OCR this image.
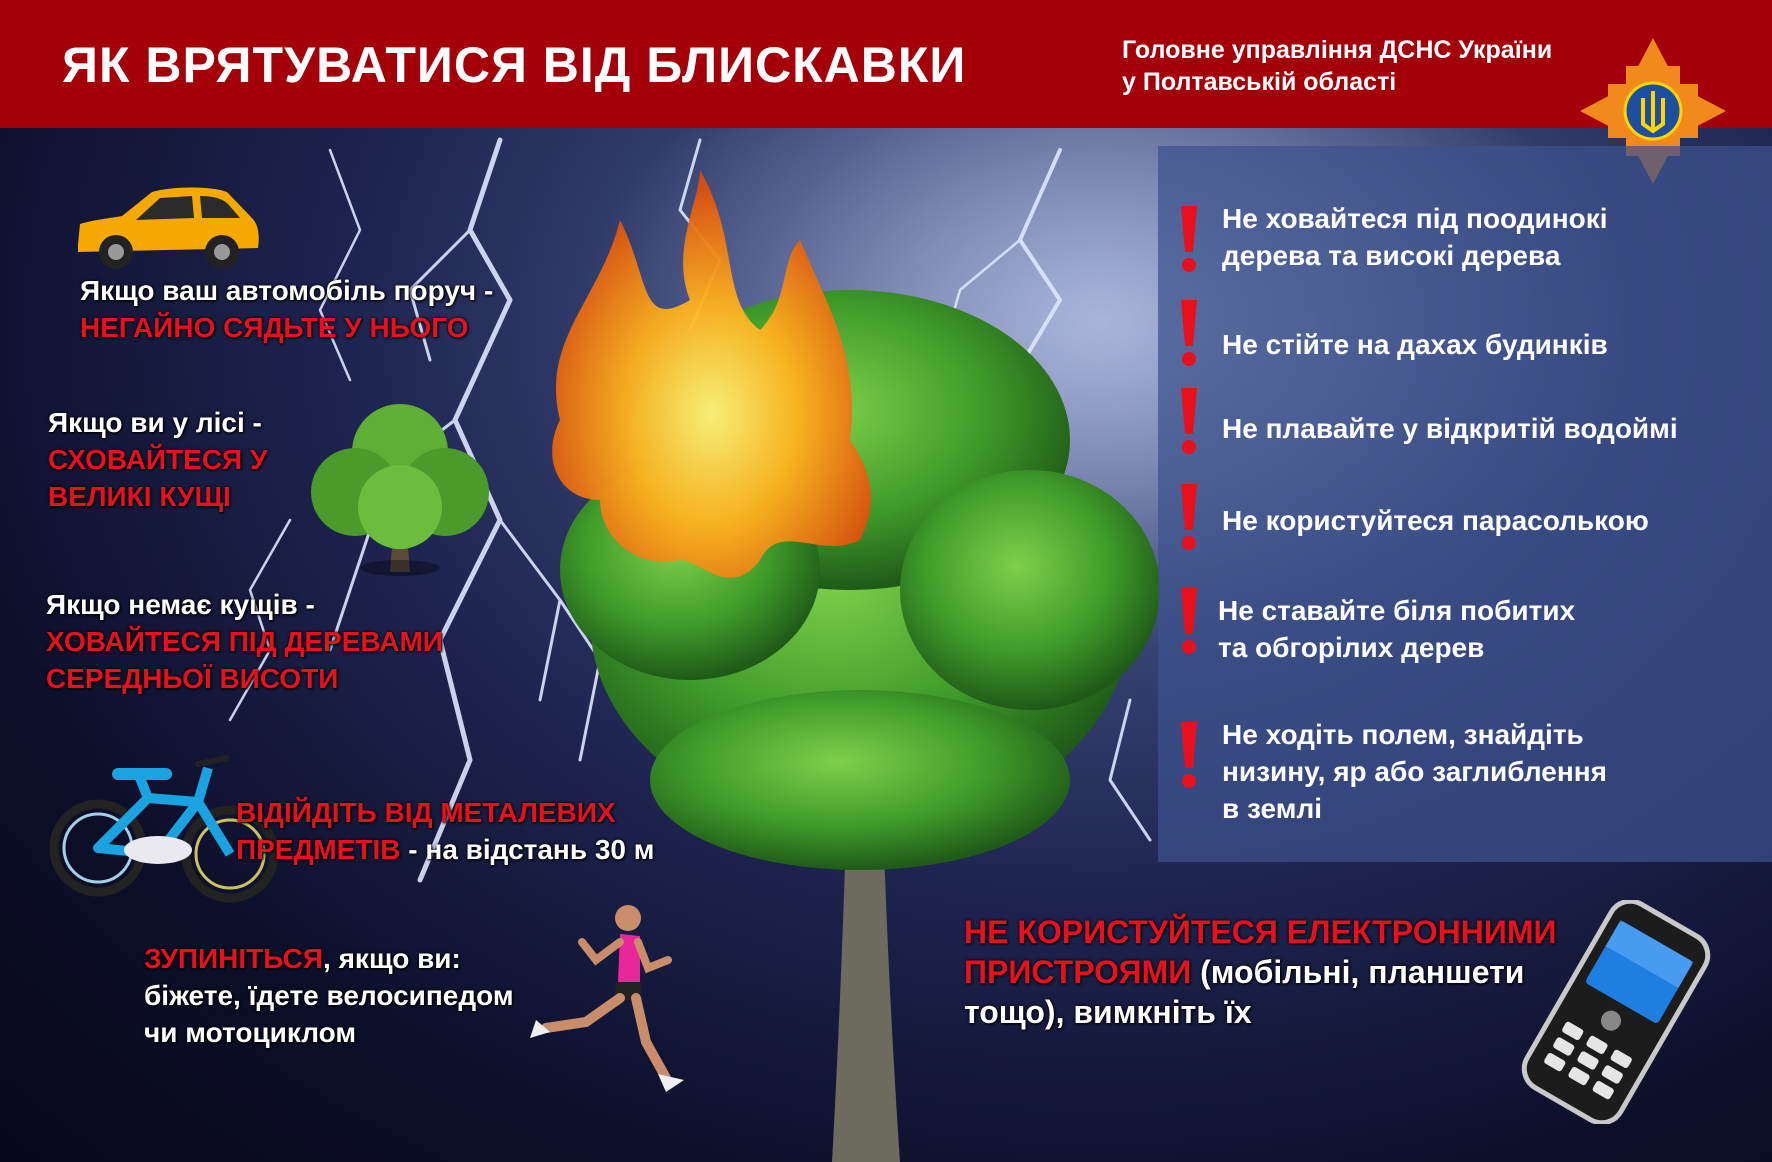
ЯК ВРЯТУВАТИСЯ ВІД БЛИСКАВКИ	Головне управління ДСНС України
у Полтавській області
Не ховайтеся під поодинокі
дерева та високі дерева
Не стійте на дахах будинків
Не плавайте у відкритій водоймі
Не користуйтеся парасолькою
Не ставайте біля побитих
та обгорілих дерев
Не ходіть полем, знайдіть
низину, яр або заглиблення
в землі
Якщо ваш автомобіль поруч -
НЕГАЙНО СЯДЬТЕ У НЬОГО
Якщо ви у лісі -
СХОВАЙТЕСЯ У
ВЕЛИКІ КУЩІ
Якщо немає кущів -
ХОВАЙТЕСЯ ПІД ДЕРЕВАМИ
СЕРЕДНЬОЇ ВИСОТИ
ВІДІЙДІТЬ ВІД МЕТАЛЕВИХ
ПРЕДМЕТІВ - на відстань 30 м
ЗУПИНІТЬСЯ, якщо ви:
біжете, їдете велосипедом
чи мотоциклом
НЕ КОРИСТУЙТЕСЯ ЕЛЕКТРОННИМИ
ПРИСТРОЯМИ (мобільні, планшети
тощо), вимкніть їх
